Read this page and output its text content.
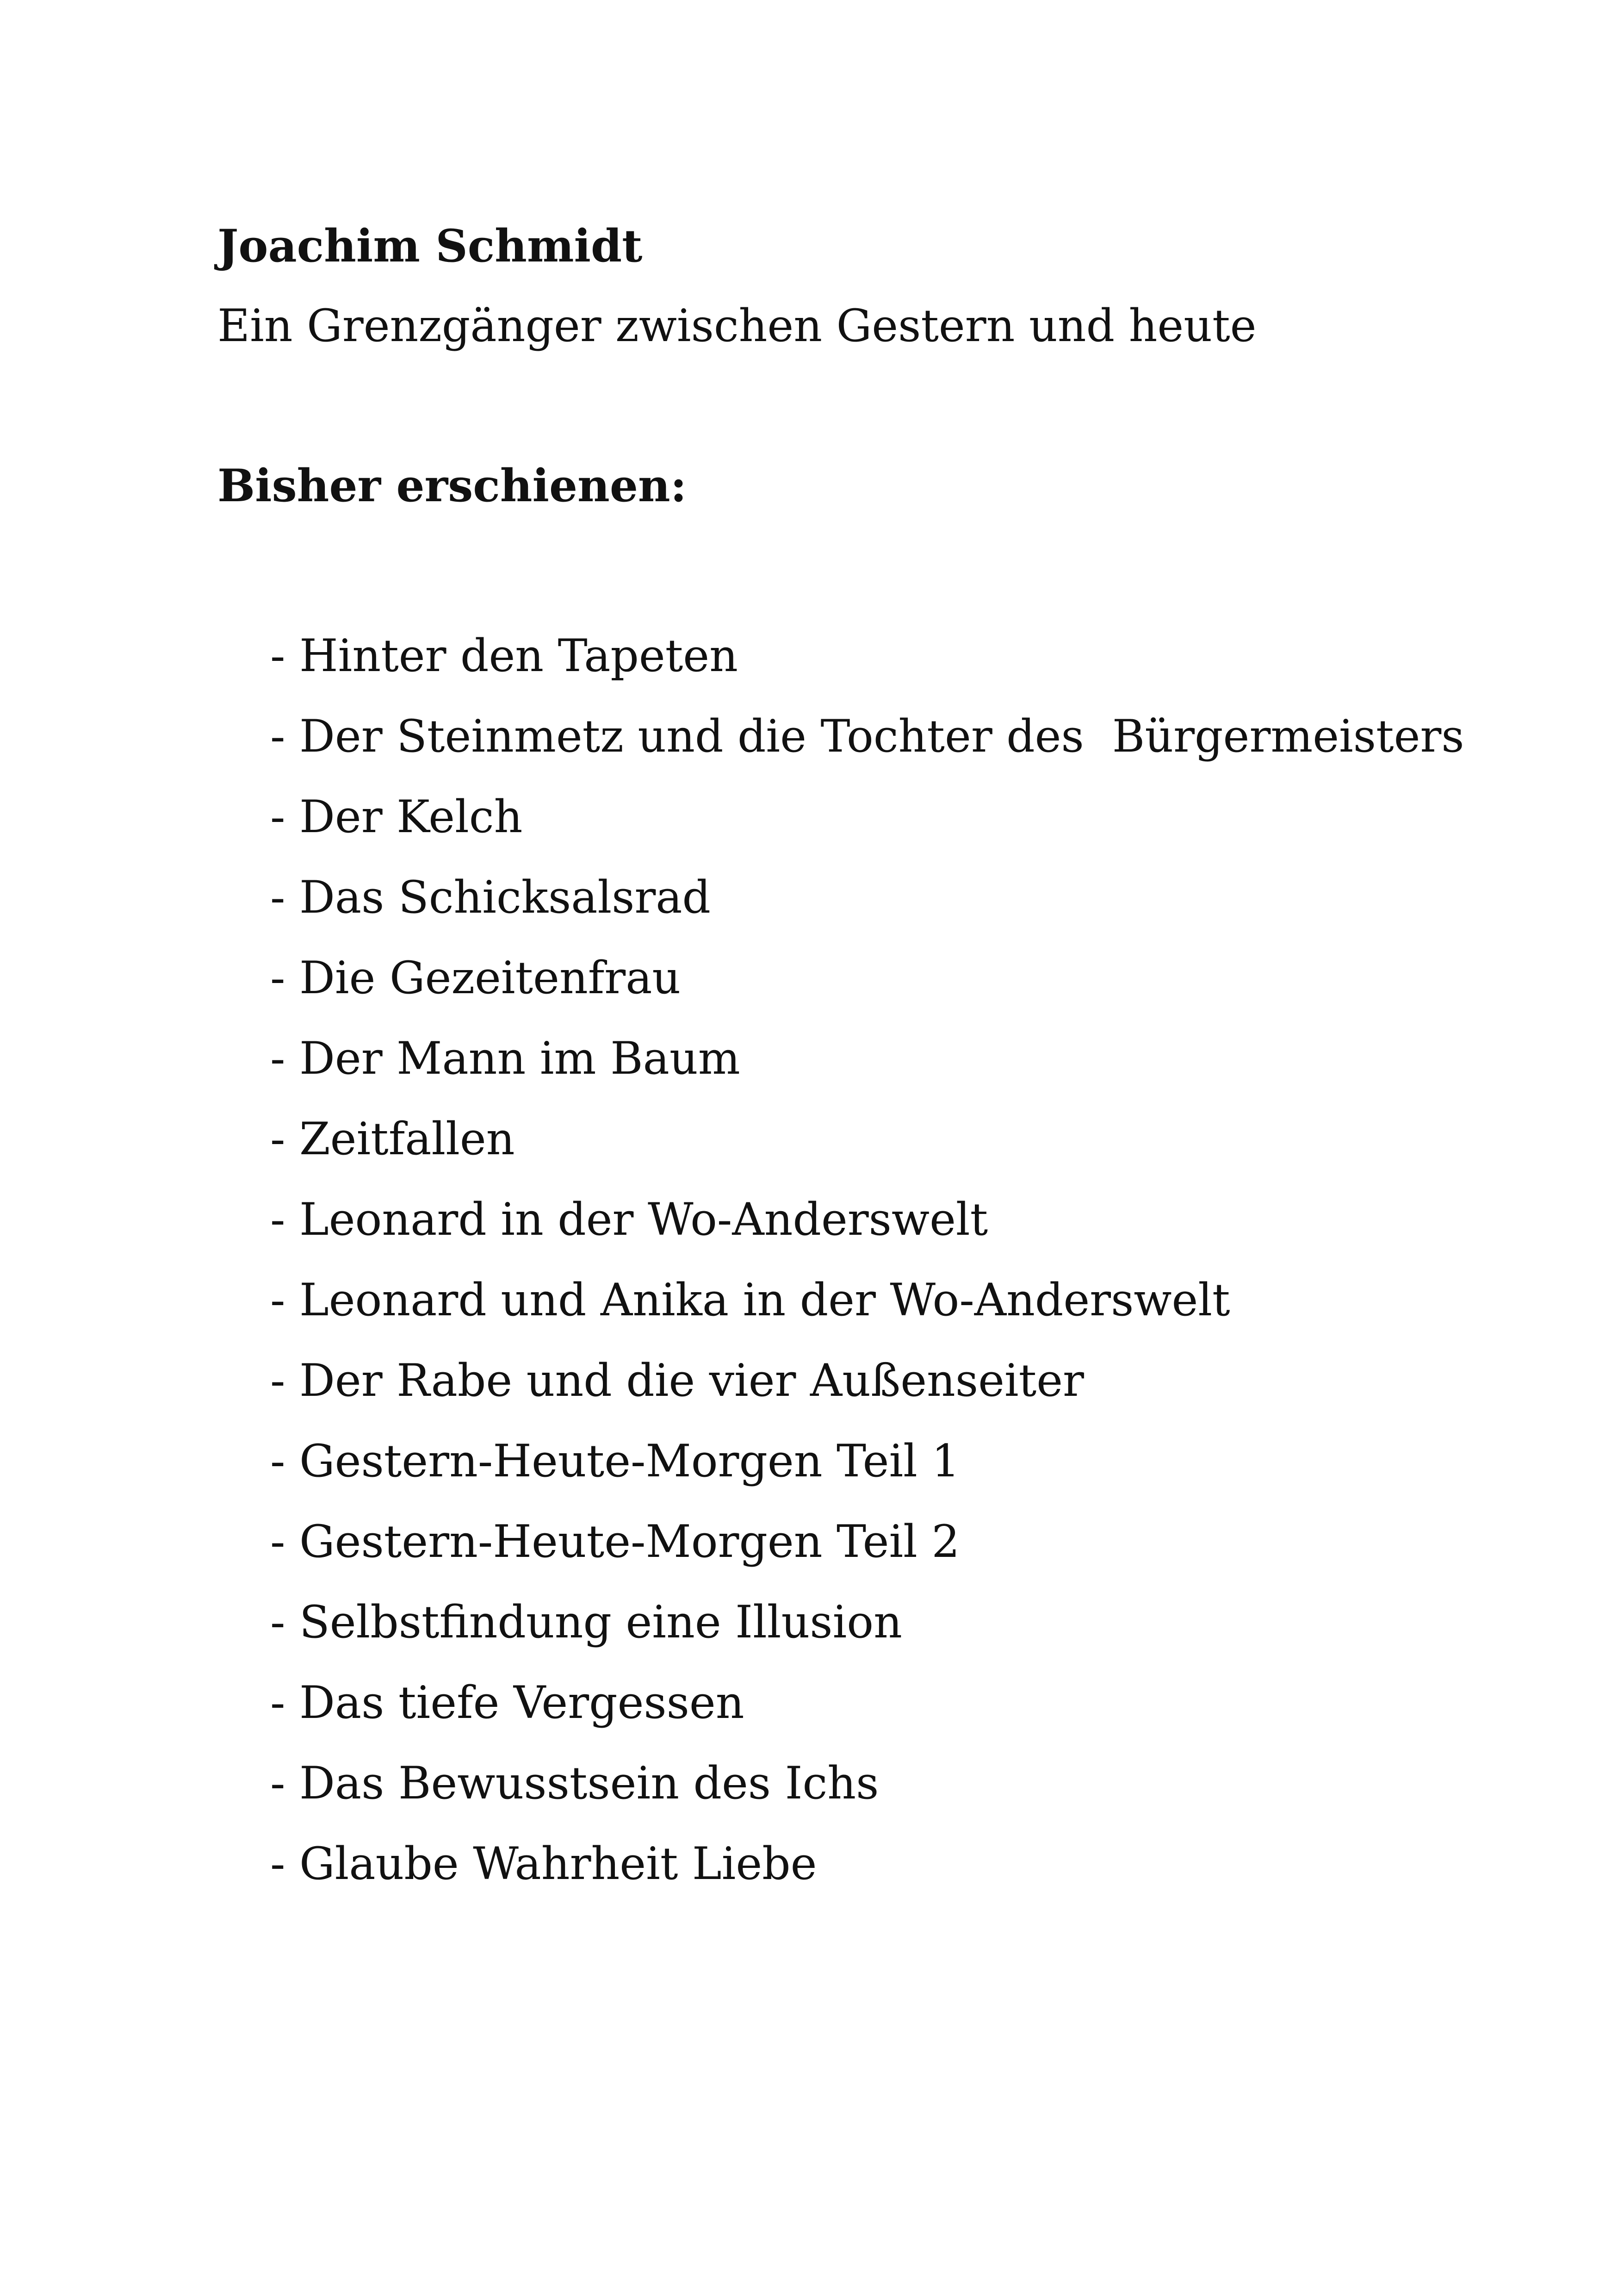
Joachim Schmidt
Ein Grenzgänger zwischen Gestern und heute
Bisher erschienen:
- Hinter den Tapeten
- Der Steinmetz und die Tochter des  Bürgermeisters
- Der Kelch
- Das Schicksalsrad
- Die Gezeitenfrau
- Der Mann im Baum
- Zeitfallen
- Leonard in der Wo-Anderswelt
- Leonard und Anika in der Wo-Anderswelt
- Der Rabe und die vier Außenseiter
- Gestern-Heute-Morgen Teil 1
- Gestern-Heute-Morgen Teil 2
- Selbstfindung eine Illusion
- Das tiefe Vergessen
- Das Bewusstsein des Ichs
- Glaube Wahrheit Liebe
